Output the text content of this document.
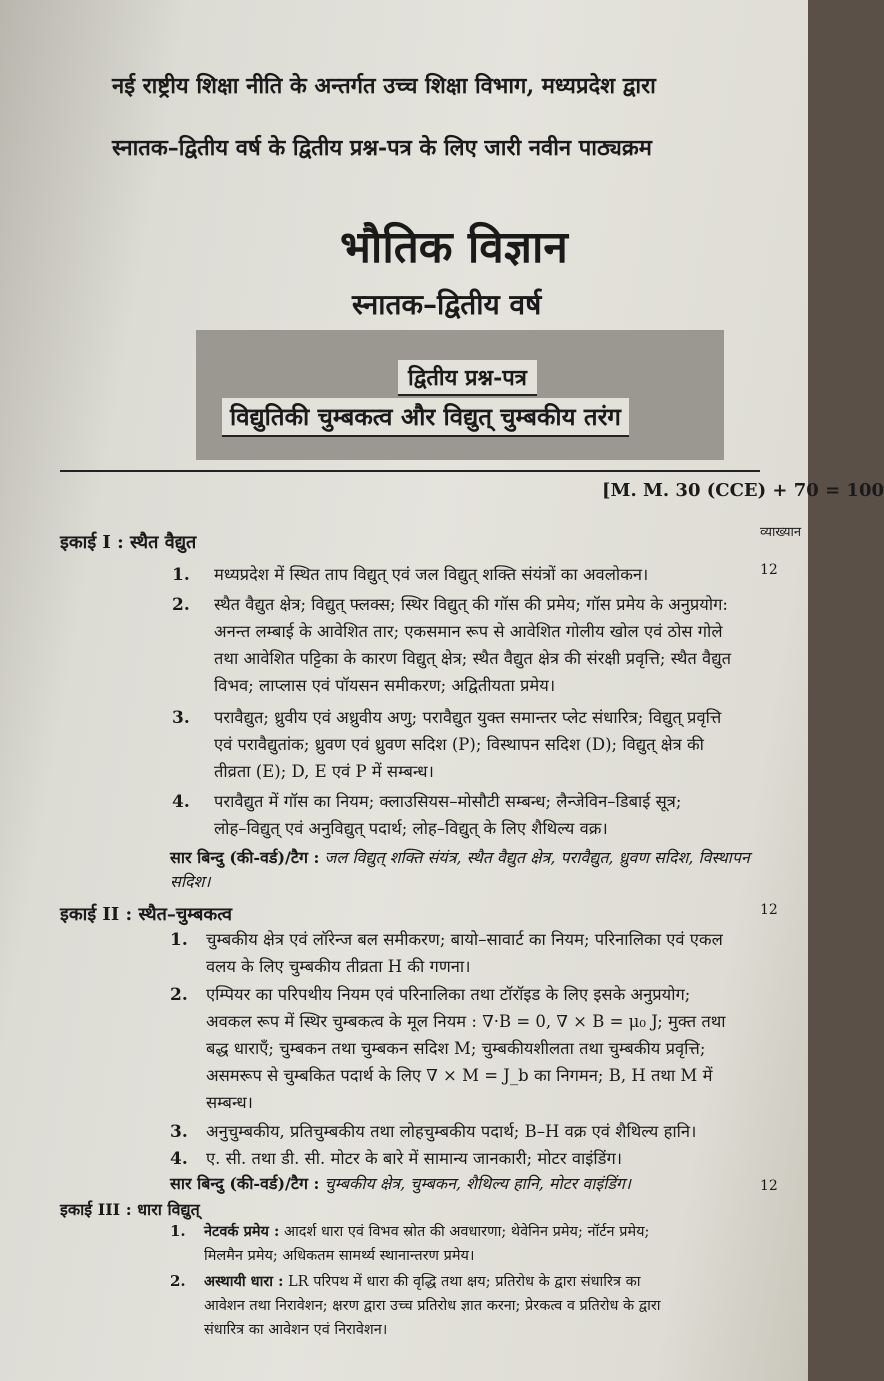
नई राष्ट्रीय शिक्षा नीति के अन्तर्गत उच्च शिक्षा विभाग, मध्यप्रदेश द्वारा
स्नातक–द्वितीय वर्ष के द्वितीय प्रश्न-पत्र के लिए जारी नवीन पाठ्यक्रम
भौतिक विज्ञान
स्नातक–द्वितीय वर्ष
द्वितीय प्रश्न-पत्र
विद्युतिकी चुम्बकत्व और विद्युत् चुम्बकीय तरंग
[M. M. 30 (CCE) + 70 = 100
व्याख्यान
इकाई I : स्थैत वैद्युत
12
1. मध्यप्रदेश में स्थित ताप विद्युत् एवं जल विद्युत् शक्ति संयंत्रों का अवलोकन।
2. स्थैत वैद्युत क्षेत्र; विद्युत् फ्लक्स; स्थिर विद्युत् की गॉस की प्रमेय; गॉस प्रमेय के अनुप्रयोग:
अनन्त लम्बाई के आवेशित तार; एकसमान रूप से आवेशित गोलीय खोल एवं ठोस गोले
तथा आवेशित पट्टिका के कारण विद्युत् क्षेत्र; स्थैत वैद्युत क्षेत्र की संरक्षी प्रवृत्ति; स्थैत वैद्युत
विभव; लाप्लास एवं पॉयसन समीकरण; अद्वितीयता प्रमेय।
3. परावैद्युत; ध्रुवीय एवं अध्रुवीय अणु; परावैद्युत युक्त समान्तर प्लेट संधारित्र; विद्युत् प्रवृत्ति
एवं परावैद्युतांक; ध्रुवण एवं ध्रुवण सदिश (P); विस्थापन सदिश (D); विद्युत् क्षेत्र की
तीव्रता (E); D, E एवं P में सम्बन्ध।
4. परावैद्युत में गॉस का नियम; क्लाउसियस–मोसौटी सम्बन्ध; लैन्जेविन–डिबाई सूत्र;
लोह–विद्युत् एवं अनुविद्युत् पदार्थ; लोह–विद्युत् के लिए शैथिल्य वक्र।
सार बिन्दु (की-वर्ड)/टैग : जल विद्युत् शक्ति संयंत्र, स्थैत वैद्युत क्षेत्र, परावैद्युत, ध्रुवण सदिश, विस्थापन सदिश।
इकाई II : स्थैत–चुम्बकत्व	12
1. चुम्बकीय क्षेत्र एवं लॉरेन्ज बल समीकरण; बायो–सावार्ट का नियम; परिनालिका एवं एकल
वलय के लिए चुम्बकीय तीव्रता H की गणना।
2. एम्पियर का परिपथीय नियम एवं परिनालिका तथा टॉरॉइड के लिए इसके अनुप्रयोग;
अवकल रूप में स्थिर चुम्बकत्व के मूल नियम : ∇·B = 0, ∇ × B = μ₀ J; मुक्त तथा
बद्ध धाराएँ; चुम्बकन तथा चुम्बकन सदिश M; चुम्बकीयशीलता तथा चुम्बकीय प्रवृत्ति;
असमरूप से चुम्बकित पदार्थ के लिए ∇ × M = J_b का निगमन; B, H तथा M में
सम्बन्ध।
3. अनुचुम्बकीय, प्रतिचुम्बकीय तथा लोहचुम्बकीय पदार्थ; B–H वक्र एवं शैथिल्य हानि।
4. ए. सी. तथा डी. सी. मोटर के बारे में सामान्य जानकारी; मोटर वाइंडिंग।
सार बिन्दु (की-वर्ड)/टैग : चुम्बकीय क्षेत्र, चुम्बकन, शैथिल्य हानि, मोटर वाइंडिंग।
इकाई III : धारा विद्युत्
12
1. नेटवर्क प्रमेय : आदर्श धारा एवं विभव स्रोत की अवधारणा; थेवेनिन प्रमेय; नॉर्टन प्रमेय;
मिलमैन प्रमेय; अधिकतम सामर्थ्य स्थानान्तरण प्रमेय।
2. अस्थायी धारा : LR परिपथ में धारा की वृद्धि तथा क्षय; प्रतिरोध के द्वारा संधारित्र का
आवेशन तथा निरावेशन; क्षरण द्वारा उच्च प्रतिरोध ज्ञात करना; प्रेरकत्व व प्रतिरोध के द्वारा
संधारित्र का आवेशन एवं निरावेशन।
